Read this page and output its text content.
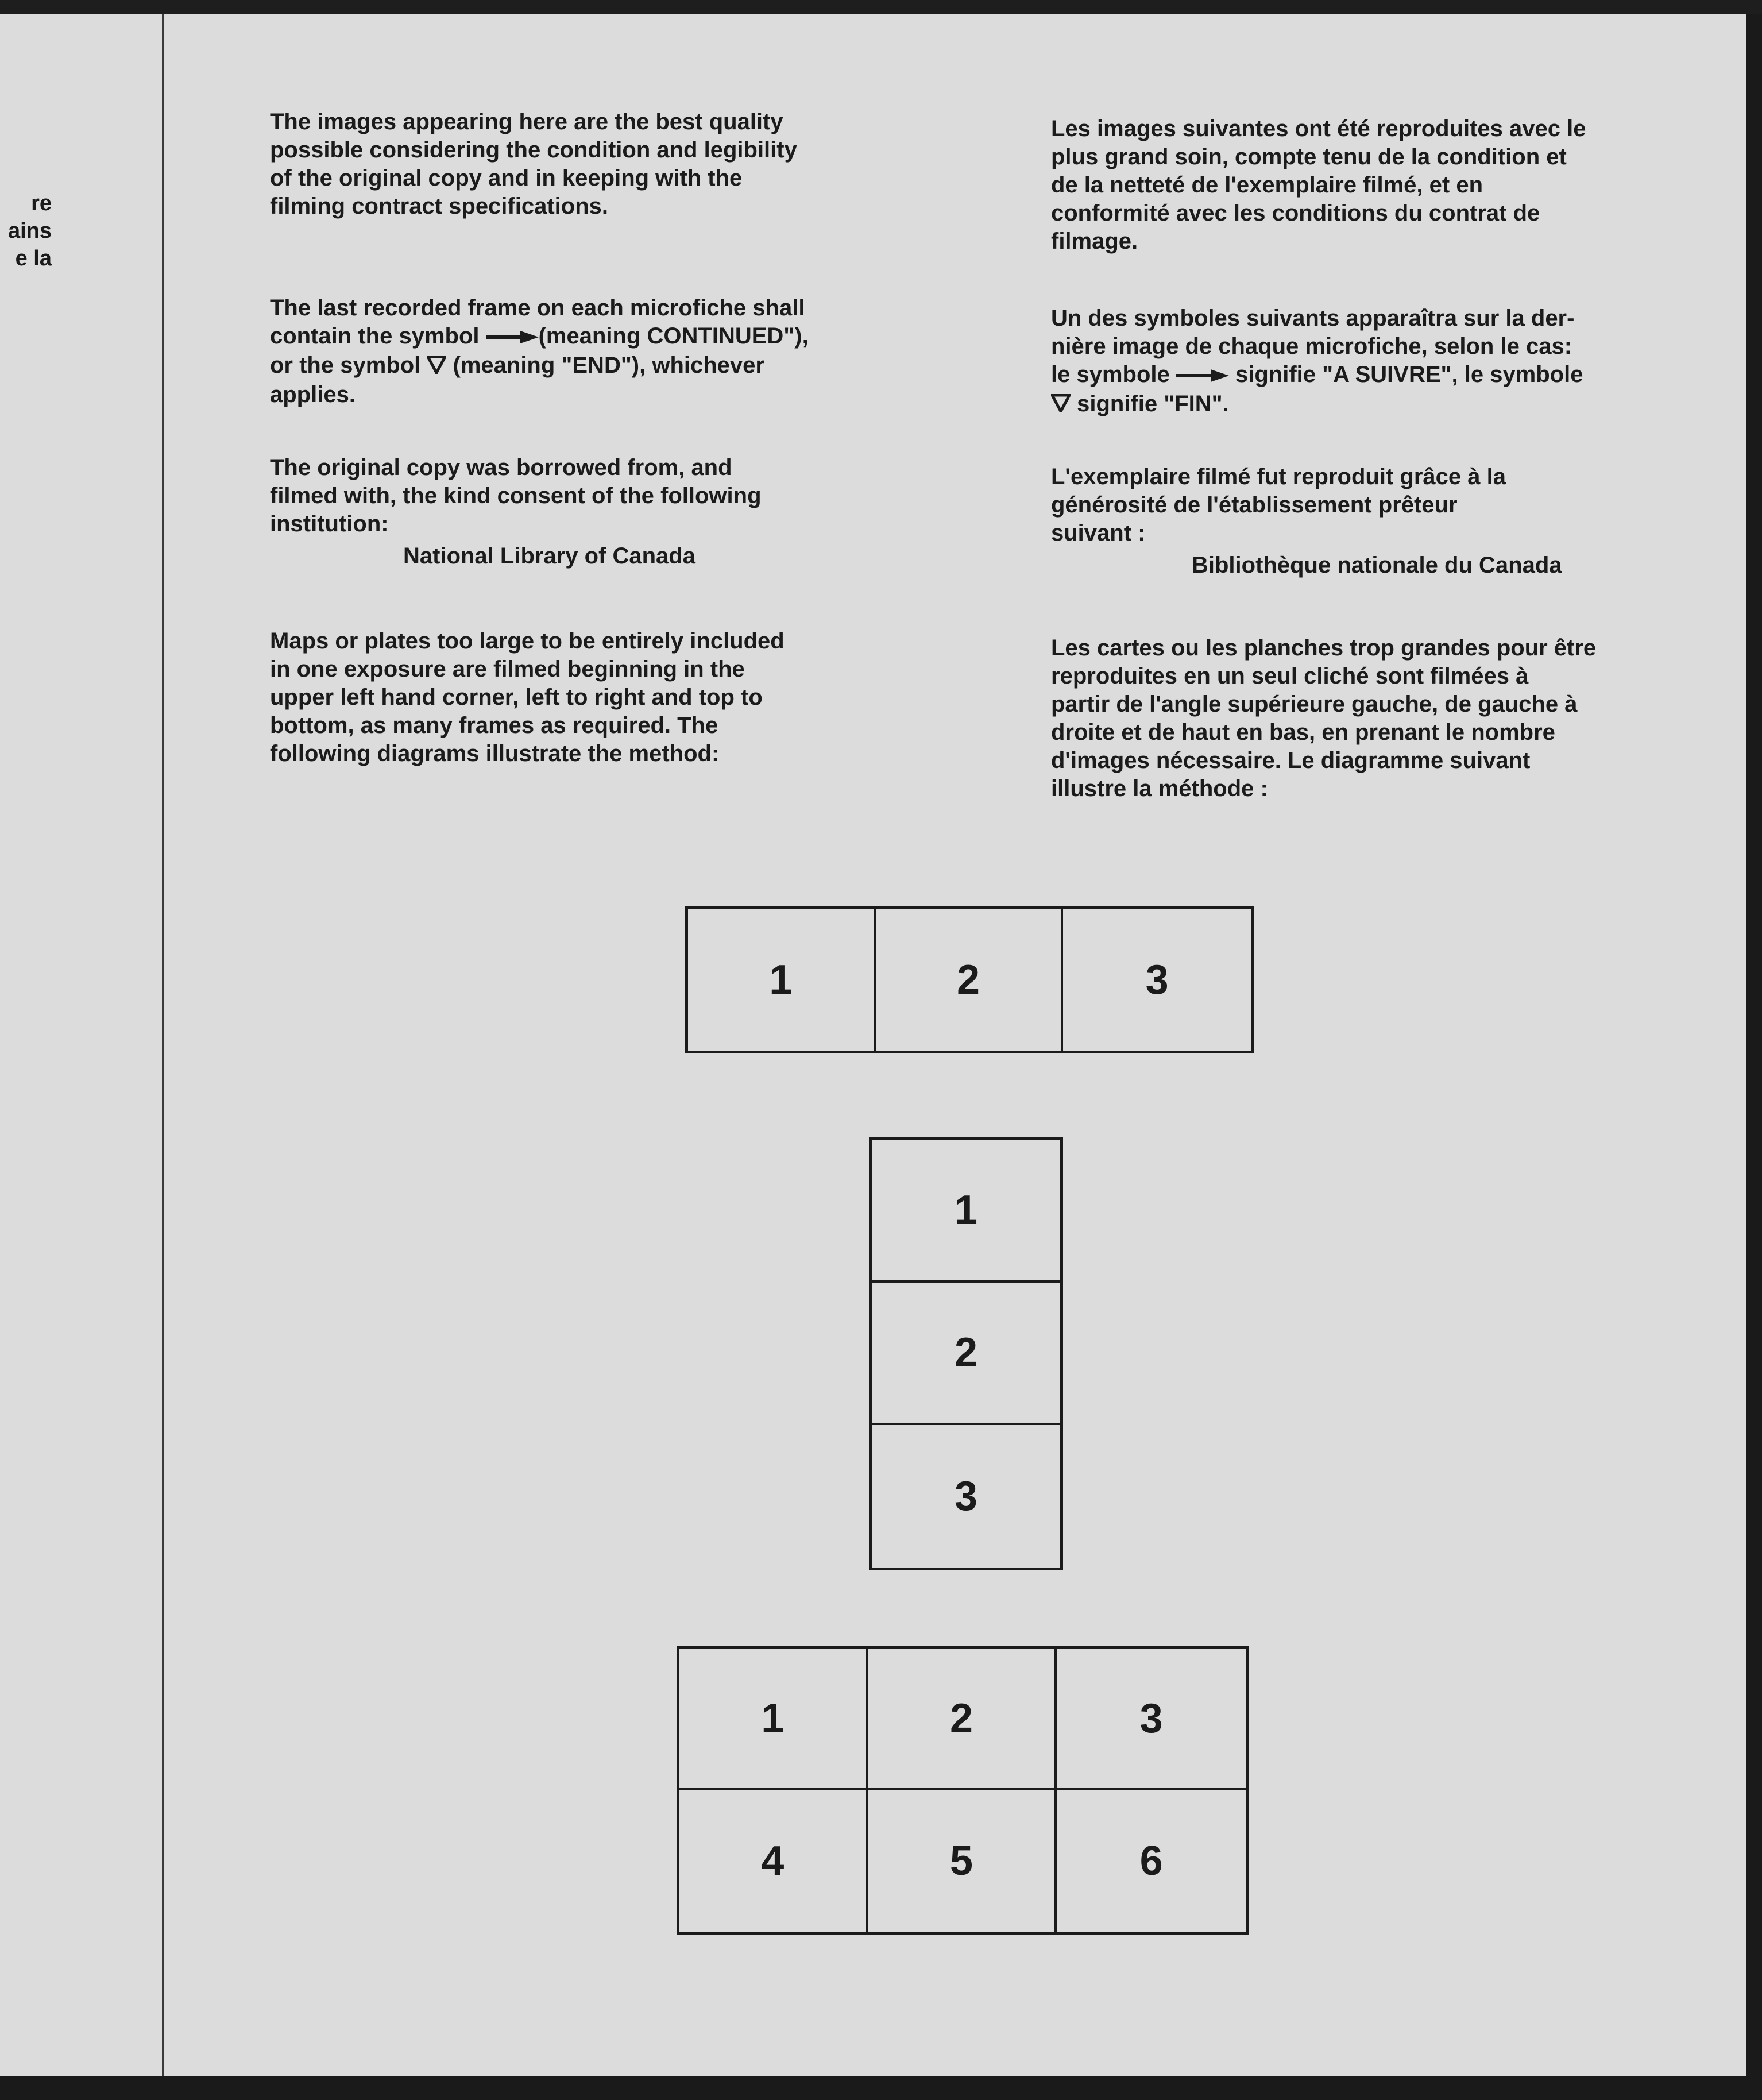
re
ains
e la
The images appearing here are the best quality
possible considering the condition and legibility
of the original copy and in keeping with the
filming contract specifications.
The last recorded frame on each microfiche shall
contain the symbol	(meaning CONTINUED"),
or the symbol  (meaning "END"), whichever
applies.
The original copy was borrowed from, and
filmed with, the kind consent of the following
institution:
National Library of Canada
Maps or plates too large to be entirely included
in one exposure are filmed beginning in the
upper left hand corner, left to right and top to
bottom, as many frames as required. The
following diagrams illustrate the method:
Les images suivantes ont été reproduites avec le
plus grand soin, compte tenu de la condition et
de la netteté de l'exemplaire filmé, et en
conformité avec les conditions du contrat de
filmage.
Un des symboles suivants apparaîtra sur la der-
nière image de chaque microfiche, selon le cas:
le symbole	signifie "A SUIVRE", le symbole
signifie "FIN".
L'exemplaire filmé fut reproduit grâce à la
générosité de l'établissement prêteur
suivant :
Bibliothèque nationale du Canada
Les cartes ou les planches trop grandes pour être
reproduites en un seul cliché sont filmées à
partir de l'angle supérieure gauche, de gauche à
droite et de haut en bas, en prenant le nombre
d'images nécessaire. Le diagramme suivant
illustre la méthode :
1	2	3
1
2
3
1	2	3
4	5	6
